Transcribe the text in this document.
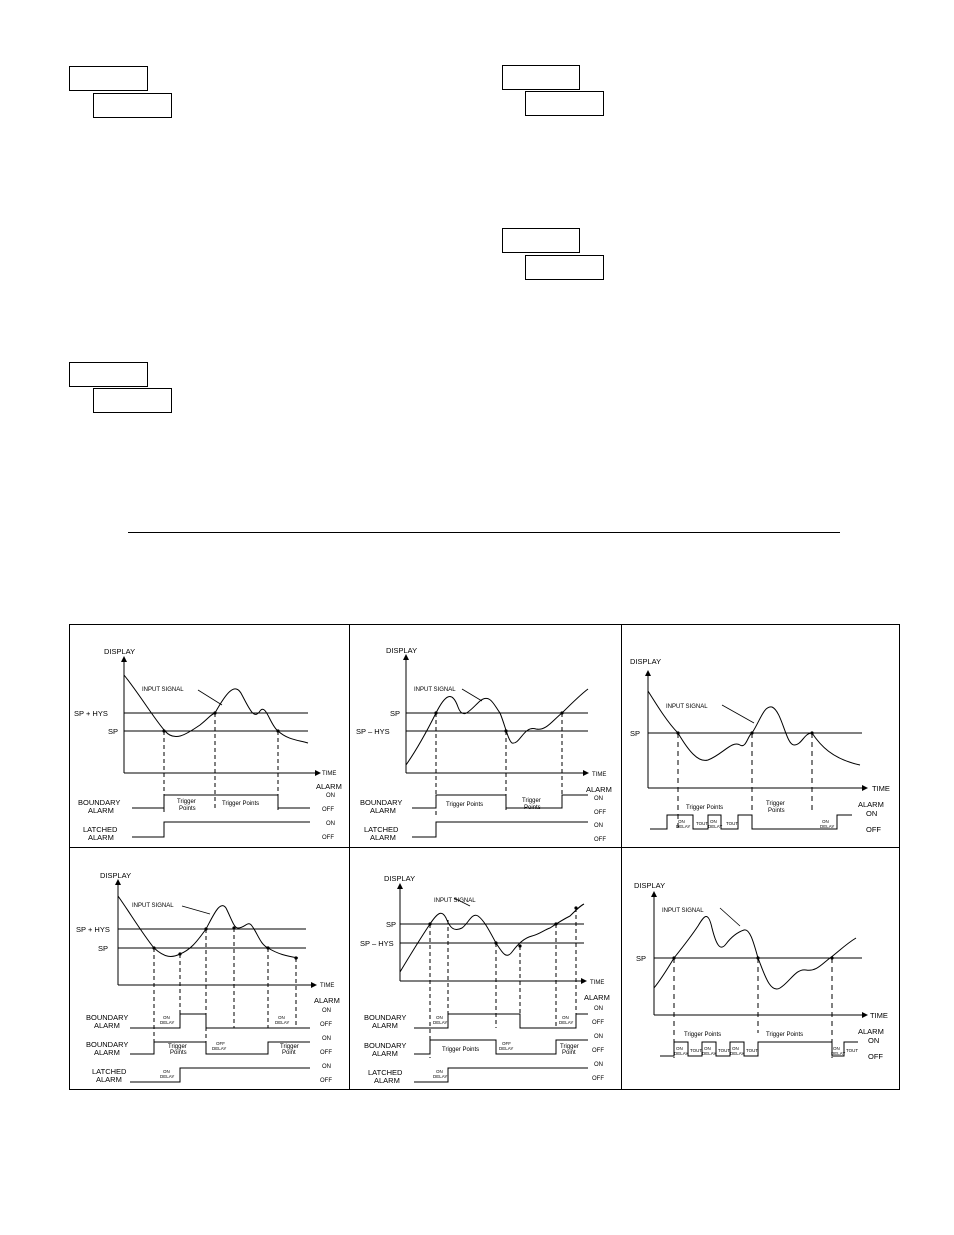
DISPLAY
INPUT SIGNAL
SP + HYS
SP
TIME
ALARM
ON
OFF
ON
OFF
BOUNDARY
ALARM
LATCHED
ALARM
Trigger
Points
Trigger Points
DISPLAY
INPUT SIGNAL
SP
SP – HYS
TIME
ALARM
ON
OFF
ON
OFF
BOUNDARY
ALARM
LATCHED
ALARM
Trigger Points
Trigger
Points
DISPLAY
INPUT SIGNAL
SP
TIME
Trigger Points
Trigger
Points
ALARM
ON
OFF
ON
DELAY
TOUT ON
DELAY
TOUT	ON
DELAY
DISPLAY
INPUT SIGNAL
SP + HYS
SP
TIME
ALARM
ON
OFF
ON
OFF
ON
OFF
BOUNDARY
ALARM
BOUNDARY
ALARM
LATCHED
ALARM
ON
DELAY
ON
DELAY
OFF
DELAY
Trigger
Points
Trigger
Point
ON
DELAY
DISPLAY
INPUT SIGNAL
SP
SP – HYS
TIME
ALARM
ON
OFF
ON
OFF
ON
OFF
BOUNDARY
ALARM
BOUNDARY
ALARM
LATCHED
ALARM
ON
DELAY
ON
DELAY
OFF
DELAY
Trigger Points	Trigger
Point
ON
DELAY
DISPLAY
INPUT SIGNAL
SP
TIME
Trigger Points	Trigger Points	ALARM
ON
OFF
ON
DELAY
TOUT ON
DELAY
TOUT ON
DELAY
TOUT	ON
DELAY
TOUT
